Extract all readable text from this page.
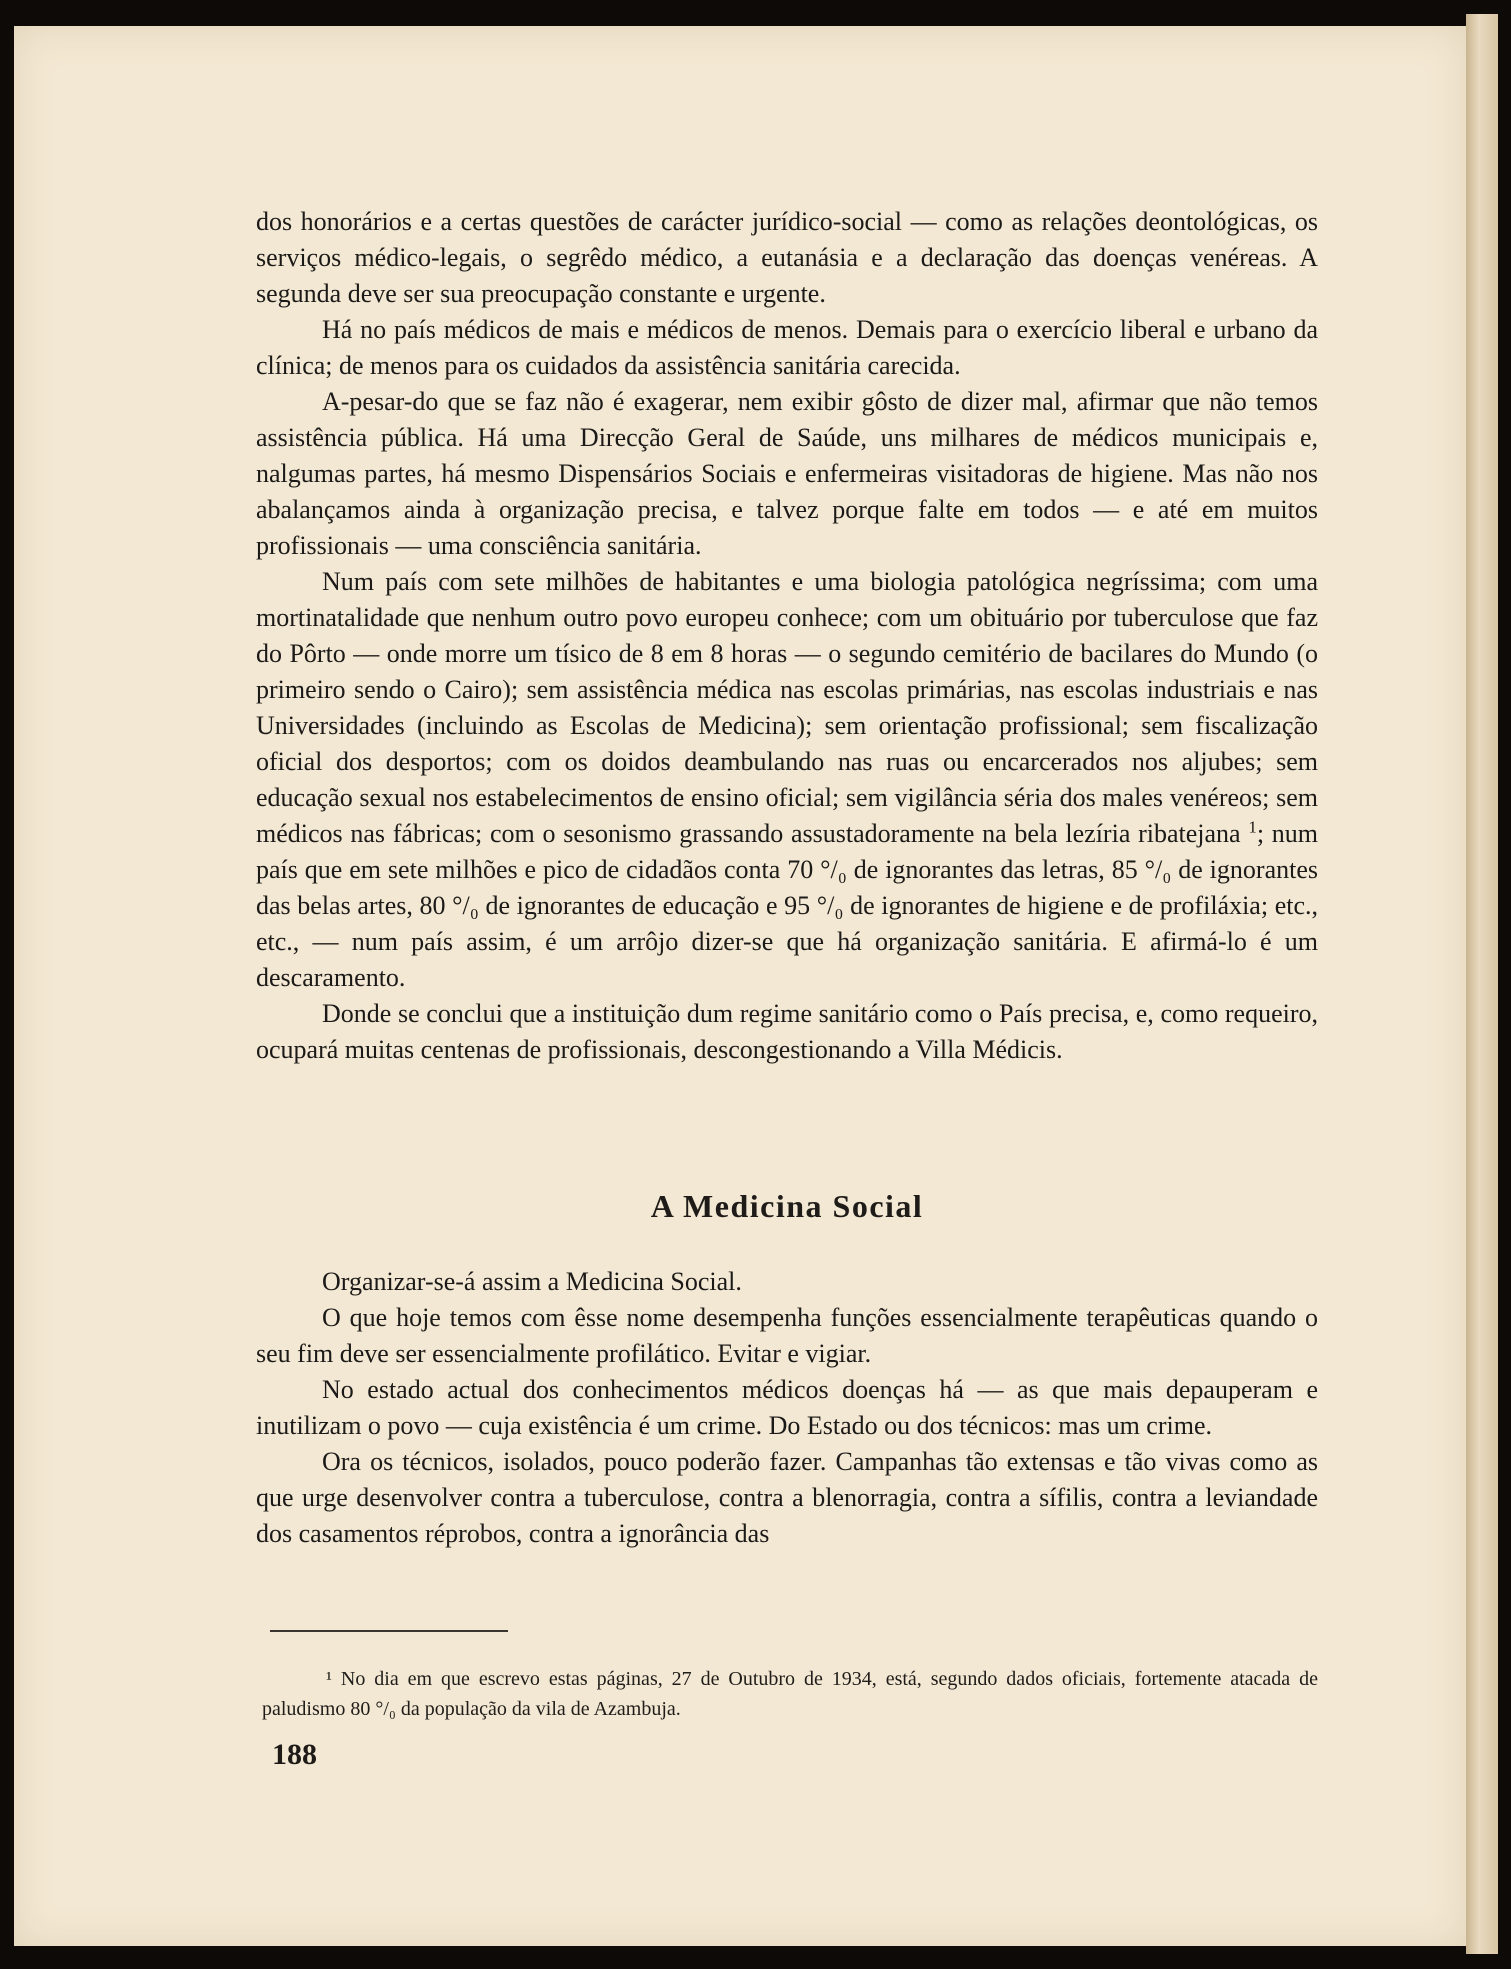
dos honorários e a certas questões de carácter jurídico-social — como as relações deontológicas, os serviços médico-legais, o segrêdo médico, a eutanásia e a declaração das doenças venéreas. A segunda deve ser sua preocupação constante e urgente.

Há no país médicos de mais e médicos de menos. Demais para o exercício liberal e urbano da clínica; de menos para os cuidados da assistência sanitária carecida.

A-pesar-do que se faz não é exagerar, nem exibir gôsto de dizer mal, afirmar que não temos assistência pública. Há uma Direcção Geral de Saúde, uns milhares de médicos municipais e, nalgumas partes, há mesmo Dispensários Sociais e enfermeiras visitadoras de higiene. Mas não nos abalançamos ainda à organização precisa, e talvez porque falte em todos — e até em muitos profissionais — uma consciência sanitária.

Num país com sete milhões de habitantes e uma biologia patológica negríssima; com uma mortinatalidade que nenhum outro povo europeu conhece; com um obituário por tuberculose que faz do Pôrto — onde morre um tísico de 8 em 8 horas — o segundo cemitério de bacilares do Mundo (o primeiro sendo o Cairo); sem assistência médica nas escolas primárias, nas escolas industriais e nas Universidades (incluindo as Escolas de Medicina); sem orientação profissional; sem fiscalização oficial dos desportos; com os doidos deambulando nas ruas ou encarcerados nos aljubes; sem educação sexual nos estabelecimentos de ensino oficial; sem vigilância séria dos males venéreos; sem médicos nas fábricas; com o sesonismo grassando assustadoramente na bela lezíria ribatejana $^1$; num país que em sete milhões e pico de cidadãos conta 70 °/₀ de ignorantes das letras, 85 °/₀ de ignorantes das belas artes, 80 °/₀ de ignorantes de educação e 95 °/₀ de ignorantes de higiene e de profiláxia; etc., etc., — num país assim, é um arrôjo dizer-se que há organização sanitária. E afirmá-lo é um descaramento.

Donde se conclui que a instituição dum regime sanitário como o País precisa, e, como requeiro, ocupará muitas centenas de profissionais, descongestionando a Villa Médicis.

A Medicina Social

Organizar-se-á assim a Medicina Social.

O que hoje temos com êsse nome desempenha funções essencialmente terapêuticas quando o seu fim deve ser essencialmente profilático. Evitar e vigiar.

No estado actual dos conhecimentos médicos doenças há — as que mais depauperam e inutilizam o povo — cuja existência é um crime. Do Estado ou dos técnicos: mas um crime.

Ora os técnicos, isolados, pouco poderão fazer. Campanhas tão extensas e tão vivas como as que urge desenvolver contra a tuberculose, contra a blenorragia, contra a sífilis, contra a leviandade dos casamentos réprobos, contra a ignorância das

¹ No dia em que escrevo estas páginas, 27 de Outubro de 1934, está, segundo dados oficiais, fortemente atacada de paludismo 80 °/₀ da população da vila de Azambuja.

188
